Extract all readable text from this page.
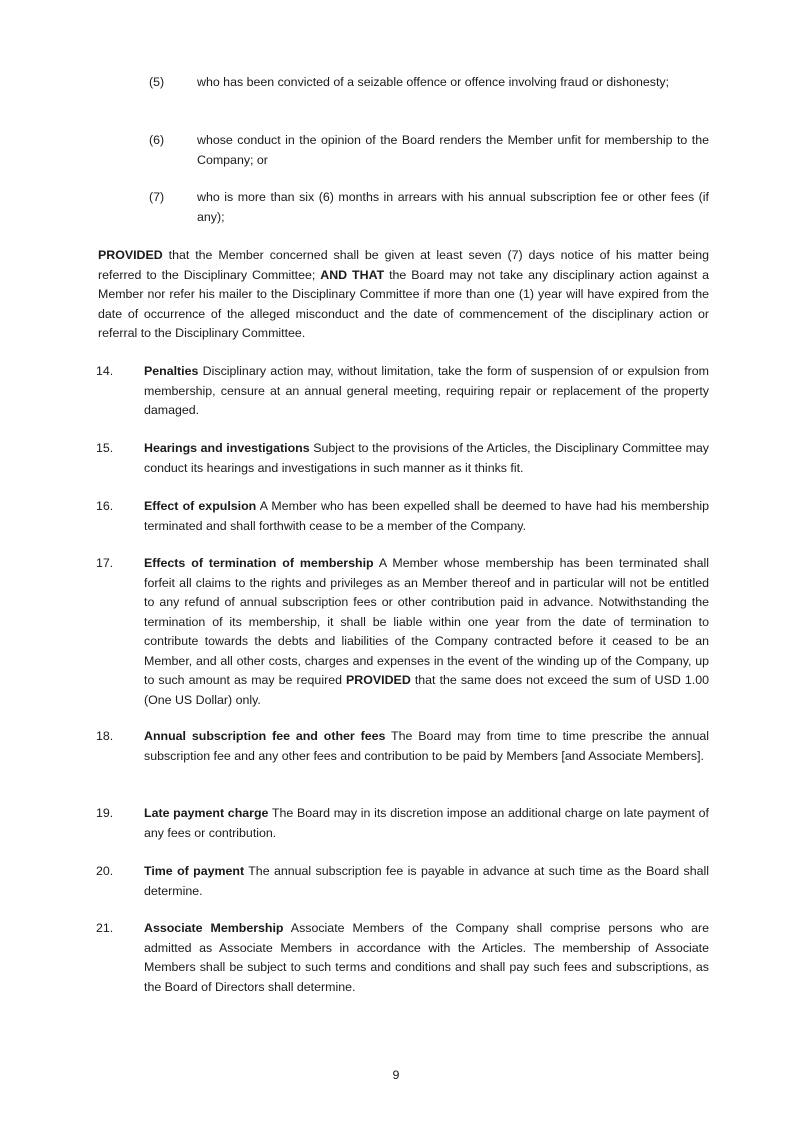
(5)	who has been convicted of a seizable offence or offence involving fraud or dishonesty;
(6)	whose conduct in the opinion of the Board renders the Member unfit for membership to the Company; or
(7)	who is more than six (6) months in arrears with his annual subscription fee or other fees (if any);
PROVIDED that the Member concerned shall be given at least seven (7) days notice of his matter being referred to the Disciplinary Committee; AND THAT the Board may not take any disciplinary action against a Member nor refer his mailer to the Disciplinary Committee if more than one (1) year will have expired from the date of occurrence of the alleged misconduct and the date of commencement of the disciplinary action or referral to the Disciplinary Committee.
14. Penalties Disciplinary action may, without limitation, take the form of suspension of or expulsion from membership, censure at an annual general meeting, requiring repair or replacement of the property damaged.
15. Hearings and investigations Subject to the provisions of the Articles, the Disciplinary Committee may conduct its hearings and investigations in such manner as it thinks fit.
16. Effect of expulsion A Member who has been expelled shall be deemed to have had his membership terminated and shall forthwith cease to be a member of the Company.
17. Effects of termination of membership A Member whose membership has been terminated shall forfeit all claims to the rights and privileges as an Member thereof and in particular will not be entitled to any refund of annual subscription fees or other contribution paid in advance. Notwithstanding the termination of its membership, it shall be liable within one year from the date of termination to contribute towards the debts and liabilities of the Company contracted before it ceased to be an Member, and all other costs, charges and expenses in the event of the winding up of the Company, up to such amount as may be required PROVIDED that the same does not exceed the sum of USD 1.00 (One US Dollar) only.
18. Annual subscription fee and other fees The Board may from time to time prescribe the annual subscription fee and any other fees and contribution to be paid by Members [and Associate Members].
19. Late payment charge The Board may in its discretion impose an additional charge on late payment of any fees or contribution.
20. Time of payment The annual subscription fee is payable in advance at such time as the Board shall determine.
21. Associate Membership Associate Members of the Company shall comprise persons who are admitted as Associate Members in accordance with the Articles. The membership of Associate Members shall be subject to such terms and conditions and shall pay such fees and subscriptions, as the Board of Directors shall determine.
9
